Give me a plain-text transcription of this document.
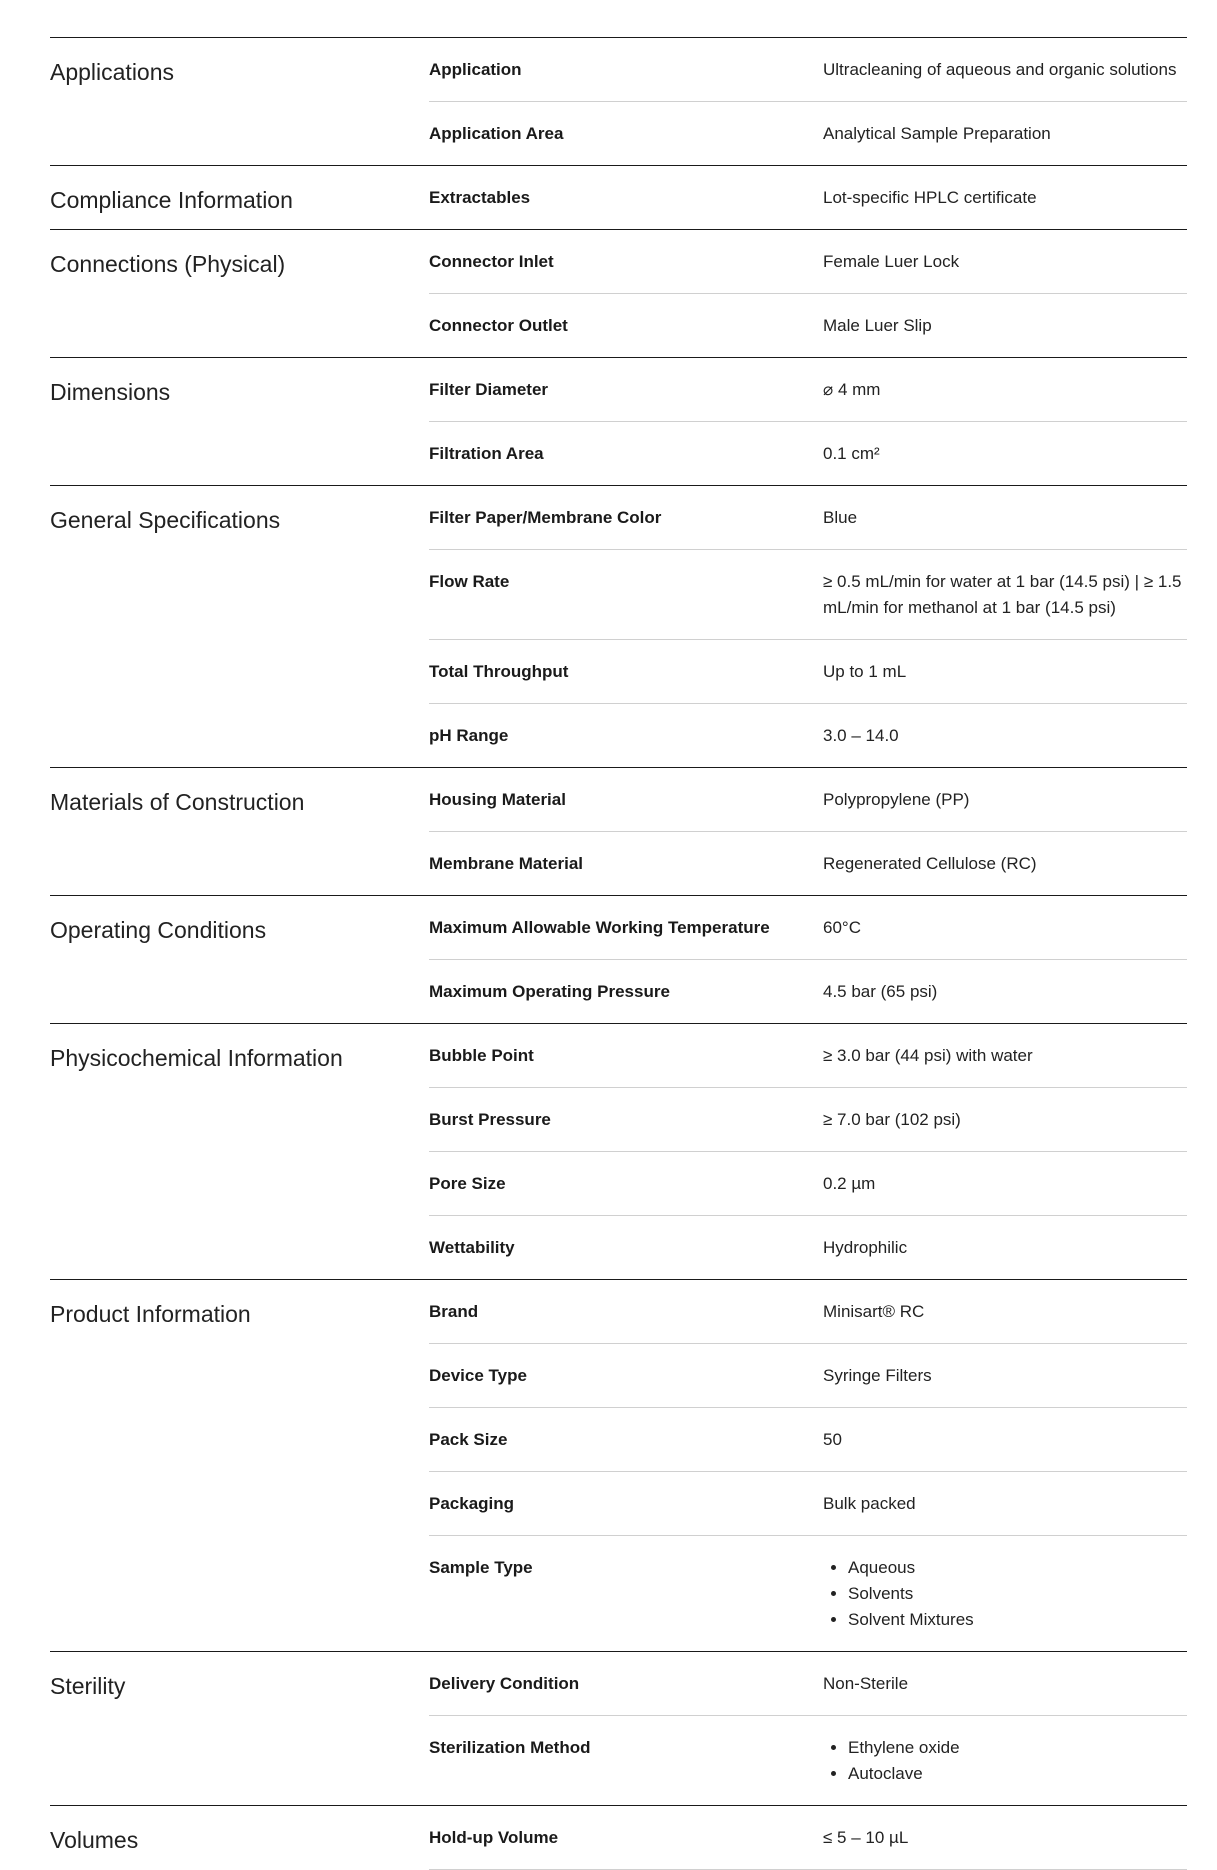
Applications	Application	Ultracleaning of aqueous and organic solutions
Application Area	Analytical Sample Preparation
Compliance Information	Extractables	Lot-specific HPLC certificate
Connections (Physical)	Connector Inlet	Female Luer Lock
Connector Outlet	Male Luer Slip
Dimensions	Filter Diameter	⌀ 4 mm
Filtration Area	0.1 cm²
General Specifications	Filter Paper/Membrane Color	Blue
Flow Rate	≥ 0.5 mL/min for water at 1 bar (14.5 psi) | ≥ 1.5 mL/min for methanol at 1 bar (14.5 psi)
Total Throughput	Up to 1 mL
pH Range	3.0 – 14.0
Materials of Construction	Housing Material	Polypropylene (PP)
Membrane Material	Regenerated Cellulose (RC)
Operating Conditions	Maximum Allowable Working Temperature	60°C
Maximum Operating Pressure	4.5 bar (65 psi)
Physicochemical Information	Bubble Point	≥ 3.0 bar (44 psi) with water
Burst Pressure	≥ 7.0 bar (102 psi)
Pore Size	0.2 µm
Wettability	Hydrophilic
Product Information	Brand	Minisart® RC
Device Type	Syringe Filters
Pack Size	50
Packaging	Bulk packed
Sample Type	• Aqueous
• Solvents
• Solvent Mixtures
Sterility	Delivery Condition	Non-Sterile
Sterilization Method	• Ethylene oxide
• Autoclave
Volumes	Hold-up Volume	≤ 5 – 10 µL
